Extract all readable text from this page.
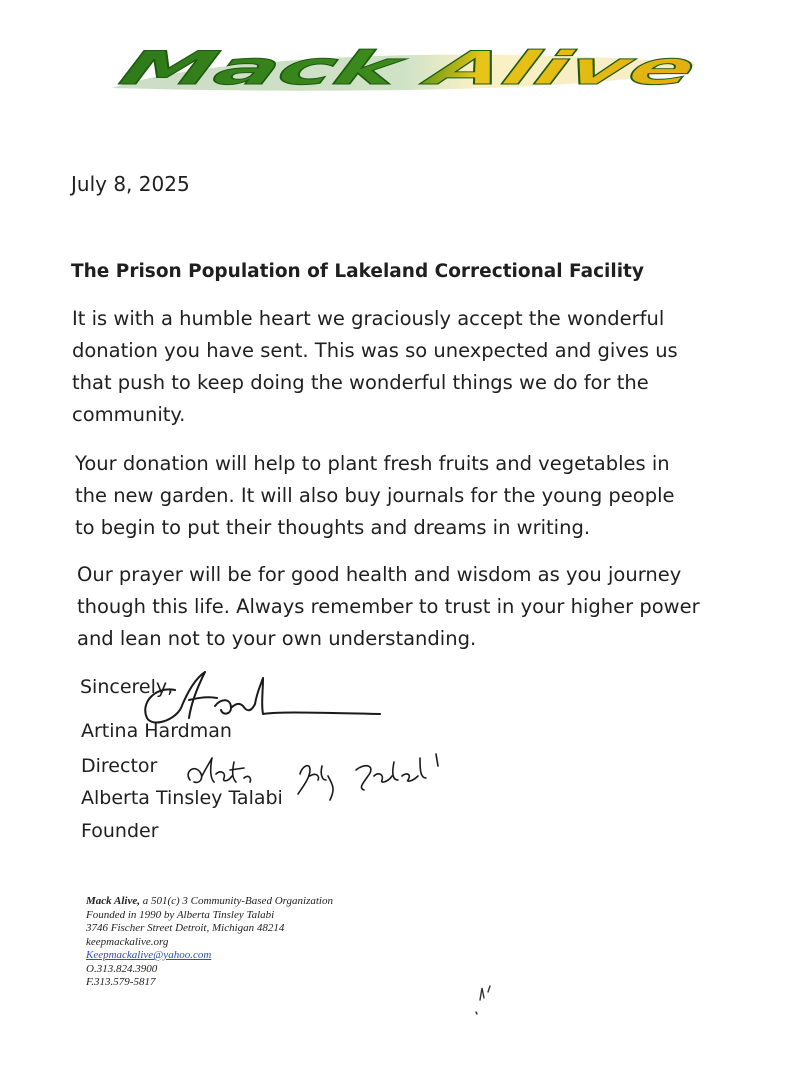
Mack Alive
July 8, 2025
The Prison Population of Lakeland Correctional Facility
It is with a humble heart we graciously accept the wonderful
donation you have sent. This was so unexpected and gives us
that push to keep doing the wonderful things we do for the
community.
Your donation will help to plant fresh fruits and vegetables in
the new garden. It will also buy journals for the young people
to begin to put their thoughts and dreams in writing.
Our prayer will be for good health and wisdom as you journey
though this life. Always remember to trust in your higher power
and lean not to your own understanding.
Sincerely,
Artina Hardman
Director
Alberta Tinsley Talabi
Founder
Mack Alive, a 501(c) 3 Community-Based Organization
Founded in 1990 by Alberta Tinsley Talabi
3746 Fischer Street Detroit, Michigan 48214
keepmackalive.org
Keepmackalive@yahoo.com
O.313.824.3900
F.313.579-5817
